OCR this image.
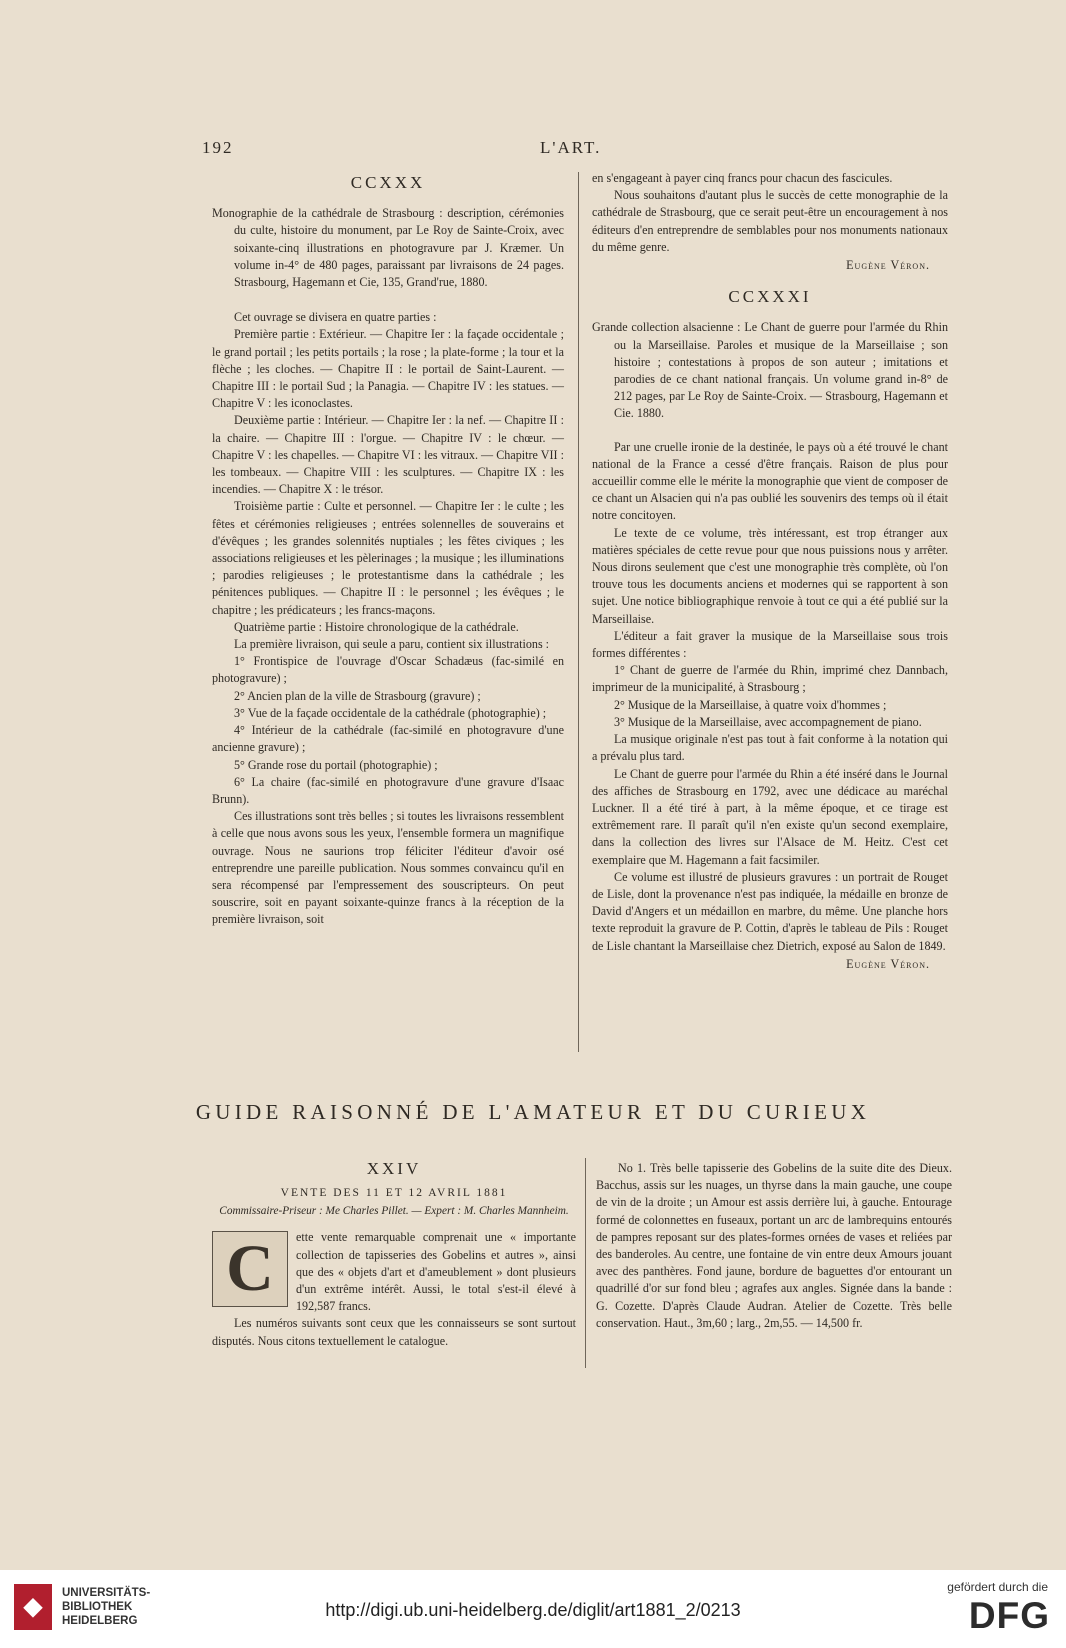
192	L'ART.
CCXXX

Monographie de la cathédrale de Strasbourg : description, cérémonies du culte, histoire du monument, par Le Roy de Sainte-Croix, avec soixante-cinq illustrations en photogravure par J. Kræmer. Un volume in-4° de 480 pages, paraissant par livraisons de 24 pages. Strasbourg, Hagemann et Cie, 135, Grand'rue, 1880.

Cet ouvrage se divisera en quatre parties :

Première partie : Extérieur. — Chapitre Ier : la façade occidentale ; le grand portail ; les petits portails ; la rose ; la plate-forme ; la tour et la flèche ; les cloches. — Chapitre II : le portail de Saint-Laurent. — Chapitre III : le portail Sud ; la Panagia. — Chapitre IV : les statues. — Chapitre V : les iconoclastes.

Deuxième partie : Intérieur. — Chapitre Ier : la nef. — Chapitre II : la chaire. — Chapitre III : l'orgue. — Chapitre IV : le chœur. — Chapitre V : les chapelles. — Chapitre VI : les vitraux. — Chapitre VII : les tombeaux. — Chapitre VIII : les sculptures. — Chapitre IX : les incendies. — Chapitre X : le trésor.

Troisième partie : Culte et personnel. — Chapitre Ier : le culte ; les fêtes et cérémonies religieuses ; entrées solennelles de souverains et d'évêques ; les grandes solennités nuptiales ; les fêtes civiques ; les associations religieuses et les pèlerinages ; la musique ; les illuminations ; parodies religieuses ; le protestantisme dans la cathédrale ; les pénitences publiques. — Chapitre II : le personnel ; les évêques ; le chapitre ; les prédicateurs ; les francs-maçons.

Quatrième partie : Histoire chronologique de la cathédrale.

La première livraison, qui seule a paru, contient six illustrations :

1° Frontispice de l'ouvrage d'Oscar Schadæus (fac-similé en photogravure) ;

2° Ancien plan de la ville de Strasbourg (gravure) ;

3° Vue de la façade occidentale de la cathédrale (photographie) ;

4° Intérieur de la cathédrale (fac-similé en photogravure d'une ancienne gravure) ;

5° Grande rose du portail (photographie) ;

6° La chaire (fac-similé en photogravure d'une gravure d'Isaac Brunn).

Ces illustrations sont très belles ; si toutes les livraisons ressemblent à celle que nous avons sous les yeux, l'ensemble formera un magnifique ouvrage. Nous ne saurions trop féliciter l'éditeur d'avoir osé entreprendre une pareille publication. Nous sommes convaincu qu'il en sera récompensé par l'empressement des souscripteurs. On peut souscrire, soit en payant soixante-quinze francs à la réception de la première livraison, soit

en s'engageant à payer cinq francs pour chacun des fascicules.

Nous souhaitons d'autant plus le succès de cette monographie de la cathédrale de Strasbourg, que ce serait peut-être un encouragement à nos éditeurs d'en entreprendre de semblables pour nos monuments nationaux du même genre.

Eugène Véron.
CCXXXI

Grande collection alsacienne : Le Chant de guerre pour l'armée du Rhin ou la Marseillaise. Paroles et musique de la Marseillaise ; son histoire ; contestations à propos de son auteur ; imitations et parodies de ce chant national français. Un volume grand in-8° de 212 pages, par Le Roy de Sainte-Croix. — Strasbourg, Hagemann et Cie. 1880.

Par une cruelle ironie de la destinée, le pays où a été trouvé le chant national de la France a cessé d'être français. Raison de plus pour accueillir comme elle le mérite la monographie que vient de composer de ce chant un Alsacien qui n'a pas oublié les souvenirs des temps où il était notre concitoyen.

Le texte de ce volume, très intéressant, est trop étranger aux matières spéciales de cette revue pour que nous puissions nous y arrêter. Nous dirons seulement que c'est une monographie très complète, où l'on trouve tous les documents anciens et modernes qui se rapportent à son sujet. Une notice bibliographique renvoie à tout ce qui a été publié sur la Marseillaise.

L'éditeur a fait graver la musique de la Marseillaise sous trois formes différentes :

1° Chant de guerre de l'armée du Rhin, imprimé chez Dannbach, imprimeur de la municipalité, à Strasbourg ;

2° Musique de la Marseillaise, à quatre voix d'hommes ;

3° Musique de la Marseillaise, avec accompagnement de piano.

La musique originale n'est pas tout à fait conforme à la notation qui a prévalu plus tard.

Le Chant de guerre pour l'armée du Rhin a été inséré dans le Journal des affiches de Strasbourg en 1792, avec une dédicace au maréchal Luckner. Il a été tiré à part, à la même époque, et ce tirage est extrêmement rare. Il paraît qu'il n'en existe qu'un second exemplaire, dans la collection des livres sur l'Alsace de M. Heitz. C'est cet exemplaire que M. Hagemann a fait facsimiler.

Ce volume est illustré de plusieurs gravures : un portrait de Rouget de Lisle, dont la provenance n'est pas indiquée, la médaille en bronze de David d'Angers et un médaillon en marbre, du même. Une planche hors texte reproduit la gravure de P. Cottin, d'après le tableau de Pils : Rouget de Lisle chantant la Marseillaise chez Dietrich, exposé au Salon de 1849.

Eugène Véron.
GUIDE RAISONNÉ DE L'AMATEUR ET DU CURIEUX
XXIV
VENTE DES 11 ET 12 AVRIL 1881
Commissaire-Priseur : Me Charles Pillet. — Expert : M. Charles Mannheim.
C	ette vente remarquable comprenait une « importante collection de tapisseries des Gobelins et autres », ainsi que des « objets d'art et d'ameublement » dont plusieurs d'un extrême intérêt. Aussi, le total s'est-il élevé à 192,587 francs.

Les numéros suivants sont ceux que les connaisseurs se sont surtout disputés. Nous citons textuellement le catalogue.

No 1. Très belle tapisserie des Gobelins de la suite dite des Dieux. Bacchus, assis sur les nuages, un thyrse dans la main gauche, une coupe de vin de la droite ; un Amour est assis derrière lui, à gauche. Entourage formé de colonnettes en fuseaux, portant un arc de lambrequins entourés de pampres reposant sur des plates-formes ornées de vases et reliées par des banderoles. Au centre, une fontaine de vin entre deux Amours jouant avec des panthères. Fond jaune, bordure de baguettes d'or entourant un quadrillé d'or sur fond bleu ; agrafes aux angles. Signée dans la bande : G. Cozette. D'après Claude Audran. Atelier de Cozette. Très belle conservation. Haut., 3m,60 ; larg., 2m,55. — 14,500 fr.

◆	UNIVERSITÄTS-
BIBLIOTHEK
HEIDELBERG
http://digi.ub.uni-heidelberg.de/diglit/art1881_2/0213
gefördert durch die
DFG
